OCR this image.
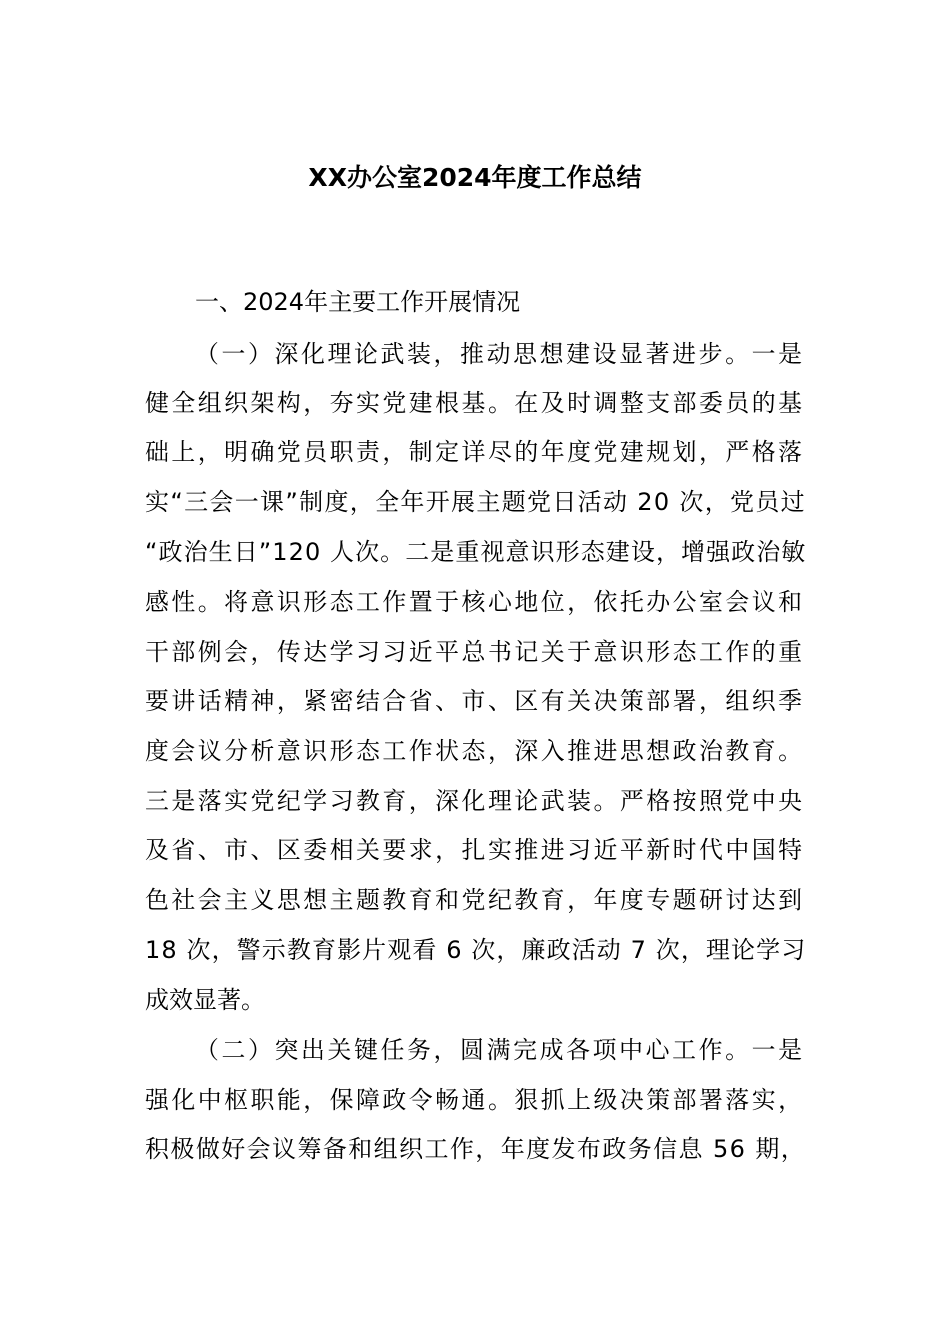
XX办公室2024年度工作总结
一、2024年主要工作开展情况
（一）深化理论武装，推动思想建设显著进步。一是
健全组织架构，夯实党建根基。在及时调整支部委员的基
础上，明确党员职责，制定详尽的年度党建规划，严格落
实“三会一课”制度，全年开展主题党日活动 20 次，党员过
“政治生日”120 人次。二是重视意识形态建设，增强政治敏
感性。将意识形态工作置于核心地位，依托办公室会议和
干部例会，传达学习习近平总书记关于意识形态工作的重
要讲话精神，紧密结合省、市、区有关决策部署，组织季
度会议分析意识形态工作状态，深入推进思想政治教育。
三是落实党纪学习教育，深化理论武装。严格按照党中央
及省、市、区委相关要求，扎实推进习近平新时代中国特
色社会主义思想主题教育和党纪教育，年度专题研讨达到
18 次，警示教育影片观看 6 次，廉政活动 7 次，理论学习
成效显著。
（二）突出关键任务，圆满完成各项中心工作。一是
强化中枢职能，保障政令畅通。狠抓上级决策部署落实，
积极做好会议筹备和组织工作，年度发布政务信息 56 期，
